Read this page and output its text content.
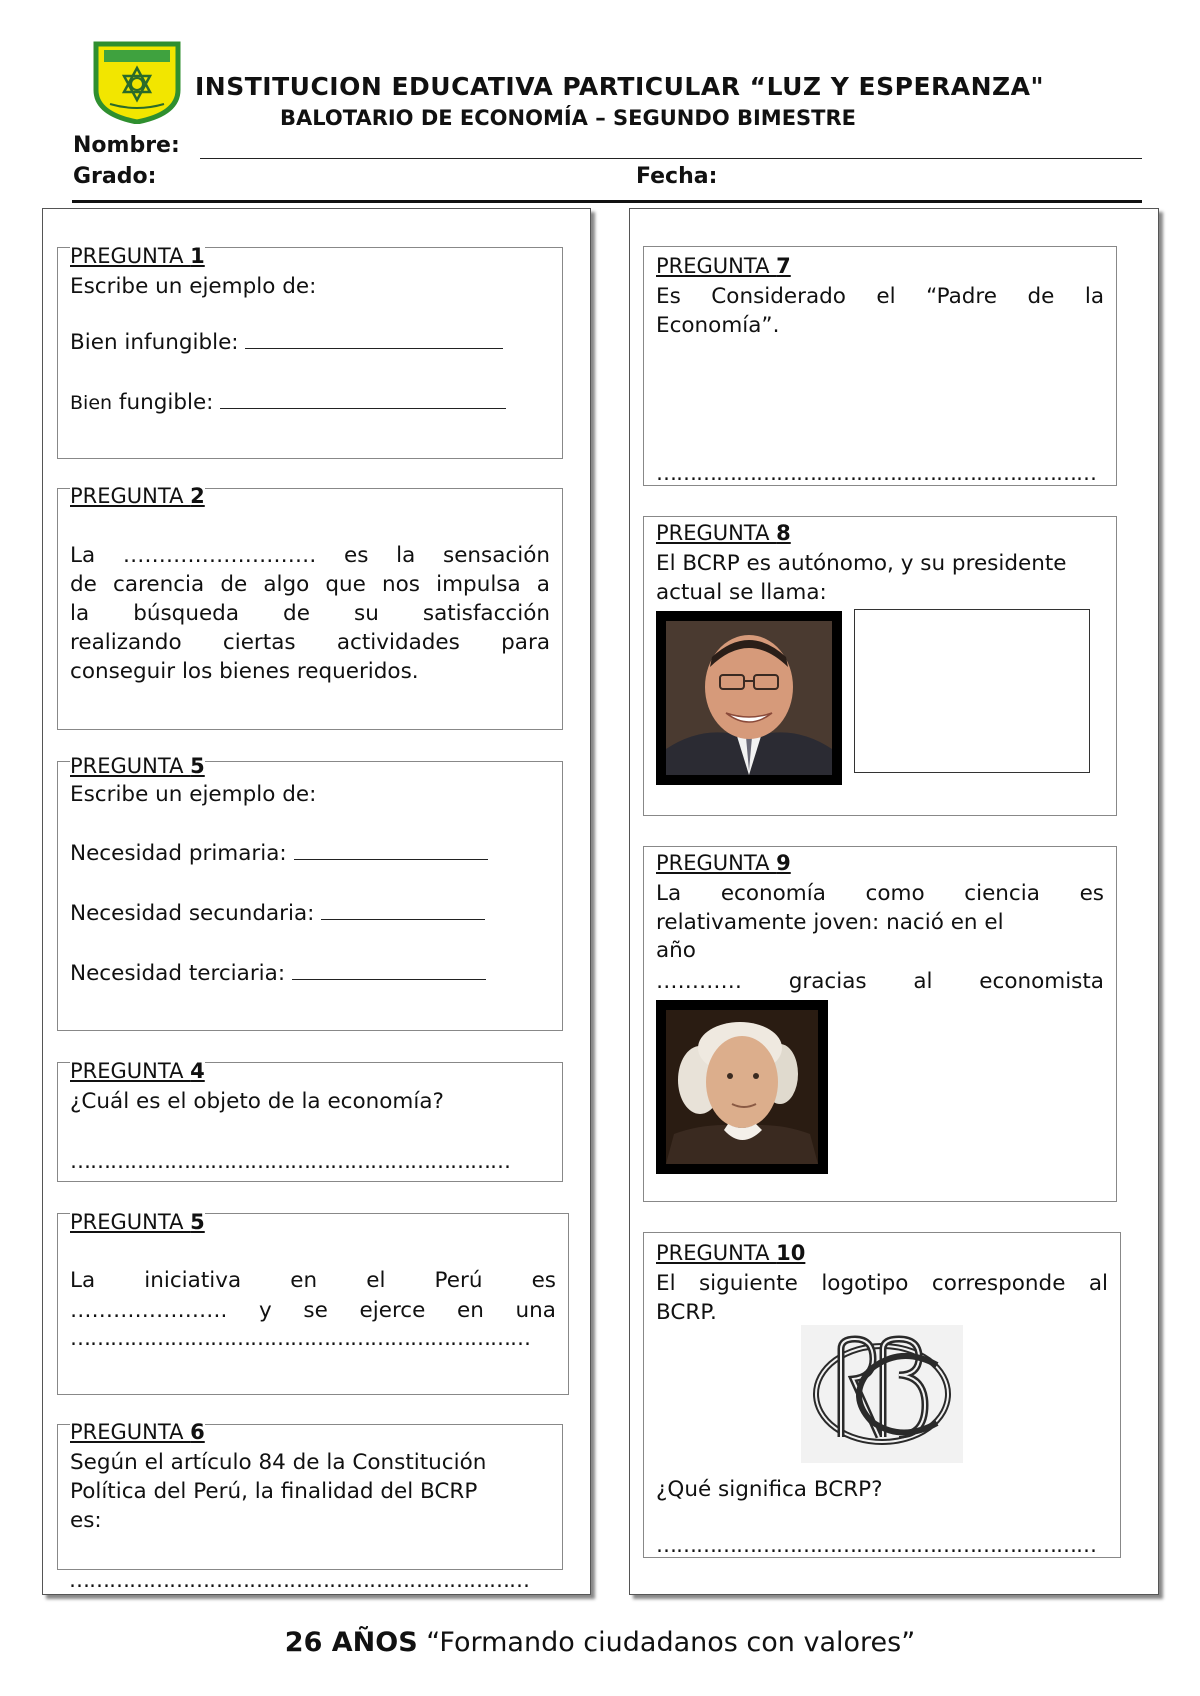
INSTITUCION EDUCATIVA PARTICULAR “LUZ Y ESPERANZA"
BALOTARIO DE ECONOMÍA – SEGUNDO BIMESTRE
Nombre:
Grado:	Fecha:
PREGUNTA 1
Escribe un ejemplo de:
Bien infungible:
Bien fungible:
PREGUNTA 2
La ……………………… es la sensación
de carencia de algo que nos impulsa a
la búsqueda de su satisfacción
realizando ciertas actividades para
conseguir los bienes requeridos.
PREGUNTA 5
Escribe un ejemplo de:
Necesidad primaria:
Necesidad secundaria:
Necesidad terciaria:
PREGUNTA 4
¿Cuál es el objeto de la economía?
…………………………………………………………
PREGUNTA 5
La iniciativa en el Perú es
…………………. y se ejerce en una
……………………………………………………………
PREGUNTA 6
Según el artículo 84 de la Constitución
Política del Perú, la finalidad del BCRP
es:
……………………………………………………………
PREGUNTA 7
Es Considerado el “Padre de la
Economía”.
…………………………………………………………
PREGUNTA 8
El BCRP es autónomo, y su presidente
actual se llama:
PREGUNTA 9
La economía como ciencia es
relativamente joven: nació en el
año
………… gracias al economista
PREGUNTA 10
El siguiente logotipo corresponde al
BCRP.
¿Qué significa BCRP?
…………………………………………………………
26 AÑOS “Formando ciudadanos con valores”
